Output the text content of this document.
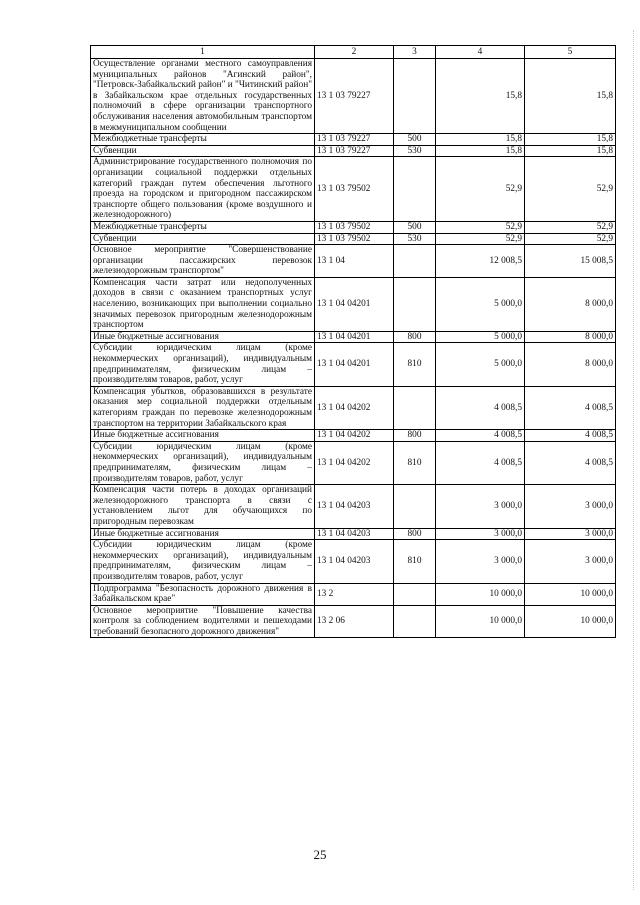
1	2	3	4	5
Осуществление органами местного самоуправления муниципальных районов "Агинский район", "Петровск-Забайкальский район" и "Читинский район" в Забайкальском крае отдельных государственных полномочий в сфере организации транспортного обслуживания населения автомобильным транспортом в межмуниципальном сообщении	13 1 03 79227		15,8	15,8
Межбюджетные трансферты	13 1 03 79227	500	15,8	15,8
Субвенции	13 1 03 79227	530	15,8	15,8
Администрирование государственного полномочия по организации социальной поддержки отдельных категорий граждан путем обеспечения льготного проезда на городском и пригородном пассажирском транспорте общего пользования (кроме воздушного и железнодорожного)	13 1 03 79502		52,9	52,9
Межбюджетные трансферты	13 1 03 79502	500	52,9	52,9
Субвенции	13 1 03 79502	530	52,9	52,9
Основное мероприятие "Совершенствование организации пассажирских перевозок железнодорожным транспортом"	13 1 04		12 008,5	15 008,5
Компенсация части затрат или недополученных доходов в связи с оказанием транспортных услуг населению, возникающих при выполнении социально значимых перевозок пригородным железнодорожным транспортом	13 1 04 04201		5 000,0	8 000,0
Иные бюджетные ассигнования	13 1 04 04201	800	5 000,0	8 000,0
Субсидии юридическим лицам (кроме некоммерческих организаций), индивидуальным предпринимателям, физическим лицам – производителям товаров, работ, услуг	13 1 04 04201	810	5 000,0	8 000,0
Компенсация убытков, образовавшихся в результате оказания мер социальной поддержки отдельным категориям граждан по перевозке железнодорожным транспортом на территории Забайкальского края	13 1 04 04202		4 008,5	4 008,5
Иные бюджетные ассигнования	13 1 04 04202	800	4 008,5	4 008,5
Субсидии юридическим лицам (кроме некоммерческих организаций), индивидуальным предпринимателям, физическим лицам – производителям товаров, работ, услуг	13 1 04 04202	810	4 008,5	4 008,5
Компенсация части потерь в доходах организаций железнодорожного транспорта в связи с установлением льгот для обучающихся по пригородным перевозкам	13 1 04 04203		3 000,0	3 000,0
Иные бюджетные ассигнования	13 1 04 04203	800	3 000,0	3 000,0
Субсидии юридическим лицам (кроме некоммерческих организаций), индивидуальным предпринимателям, физическим лицам – производителям товаров, работ, услуг	13 1 04 04203	810	3 000,0	3 000,0
Подпрограмма "Безопасность дорожного движения в Забайкальском крае"	13 2		10 000,0	10 000,0
Основное мероприятие "Повышение качества контроля за соблюдением водителями и пешеходами требований безопасного дорожного движения"	13 2 06		10 000,0	10 000,0
25
